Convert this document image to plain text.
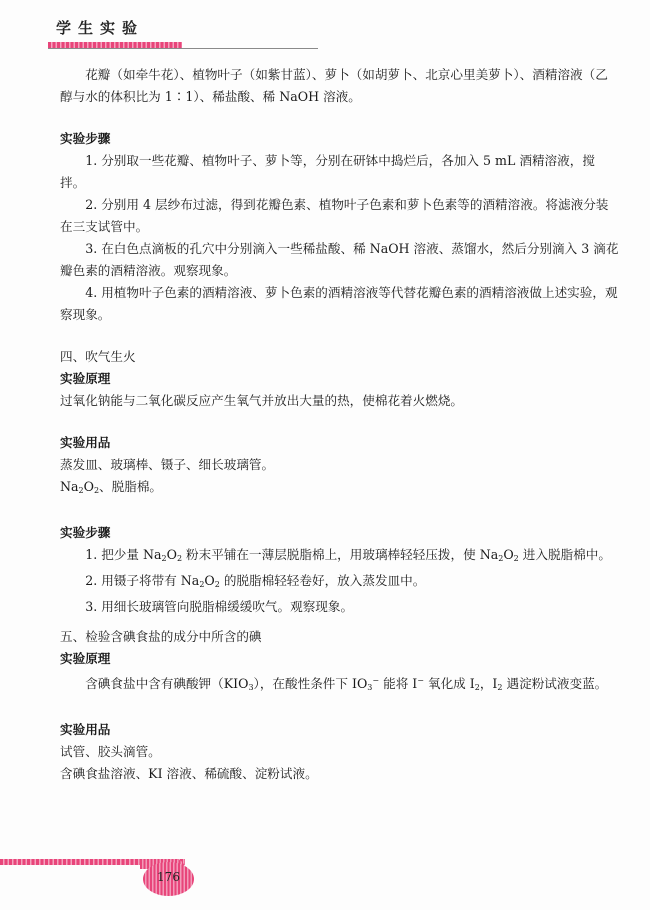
学生实验

花瓣（如牵牛花）、植物叶子（如紫甘蓝）、萝卜（如胡萝卜、北京心里美萝卜）、酒精溶液（乙醇与水的体积比为 1∶1）、稀盐酸、稀 NaOH 溶液。

实验步骤

1. 分别取一些花瓣、植物叶子、萝卜等，分别在研钵中捣烂后，各加入 5 mL 酒精溶液，搅拌。

2. 分别用 4 层纱布过滤，得到花瓣色素、植物叶子色素和萝卜色素等的酒精溶液。将滤液分装在三支试管中。

3. 在白色点滴板的孔穴中分别滴入一些稀盐酸、稀 NaOH 溶液、蒸馏水，然后分别滴入 3 滴花瓣色素的酒精溶液。观察现象。

4. 用植物叶子色素的酒精溶液、萝卜色素的酒精溶液等代替花瓣色素的酒精溶液做上述实验，观察现象。

四、吹气生火

实验原理

过氧化钠能与二氧化碳反应产生氧气并放出大量的热，使棉花着火燃烧。

实验用品

蒸发皿、玻璃棒、镊子、细长玻璃管。

$Na_2O_2$、脱脂棉。

实验步骤

1. 把少量 $Na_2O_2$ 粉末平铺在一薄层脱脂棉上，用玻璃棒轻轻压拨，使 $Na_2O_2$ 进入脱脂棉中。

2. 用镊子将带有 $Na_2O_2$ 的脱脂棉轻轻卷好，放入蒸发皿中。

3. 用细长玻璃管向脱脂棉缓缓吹气。观察现象。

五、检验含碘食盐的成分中所含的碘

实验原理

含碘食盐中含有碘酸钾$(KIO_3)$，在酸性条件下 $IO_3^-$ 能将 I− 氧化成 $I_2$，$I_2$ 遇淀粉试液变蓝。

实验用品

试管、胶头滴管。

含碘食盐溶液、KI 溶液、稀硫酸、淀粉试液。

176
